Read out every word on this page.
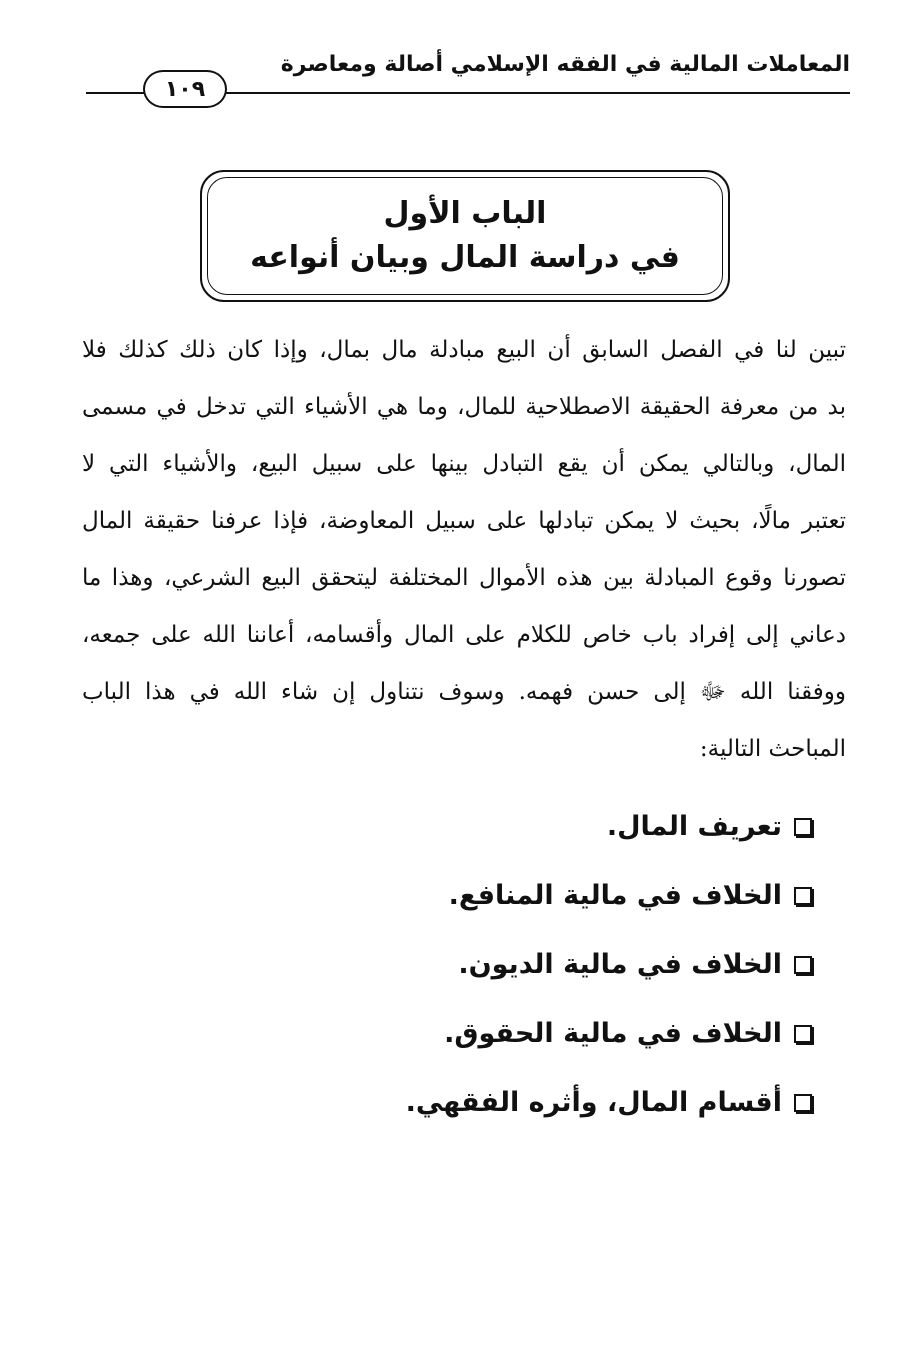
المعاملات المالية في الفقه الإسلامي أصالة ومعاصرة
١٠٩
الباب الأول
في دراسة المال وبيان أنواعه
تبين لنا في الفصل السابق أن البيع مبادلة مال بمال، وإذا كان ذلك كذلك فلا
بد من معرفة الحقيقة الاصطلاحية للمال، وما هي الأشياء التي تدخل في مسمى
المال، وبالتالي يمكن أن يقع التبادل بينها على سبيل البيع، والأشياء التي لا
تعتبر مالًا، بحيث لا يمكن تبادلها على سبيل المعاوضة، فإذا عرفنا حقيقة المال
تصورنا وقوع المبادلة بين هذه الأموال المختلفة ليتحقق البيع الشرعي، وهذا ما
دعاني إلى إفراد باب خاص للكلام على المال وأقسامه، أعاننا الله على جمعه،
ووفقنا الله ﷻ إلى حسن فهمه. وسوف نتناول إن شاء الله في هذا الباب
المباحث التالية:
تعريف المال.
الخلاف في مالية المنافع.
الخلاف في مالية الديون.
الخلاف في مالية الحقوق.
أقسام المال، وأثره الفقهي.
